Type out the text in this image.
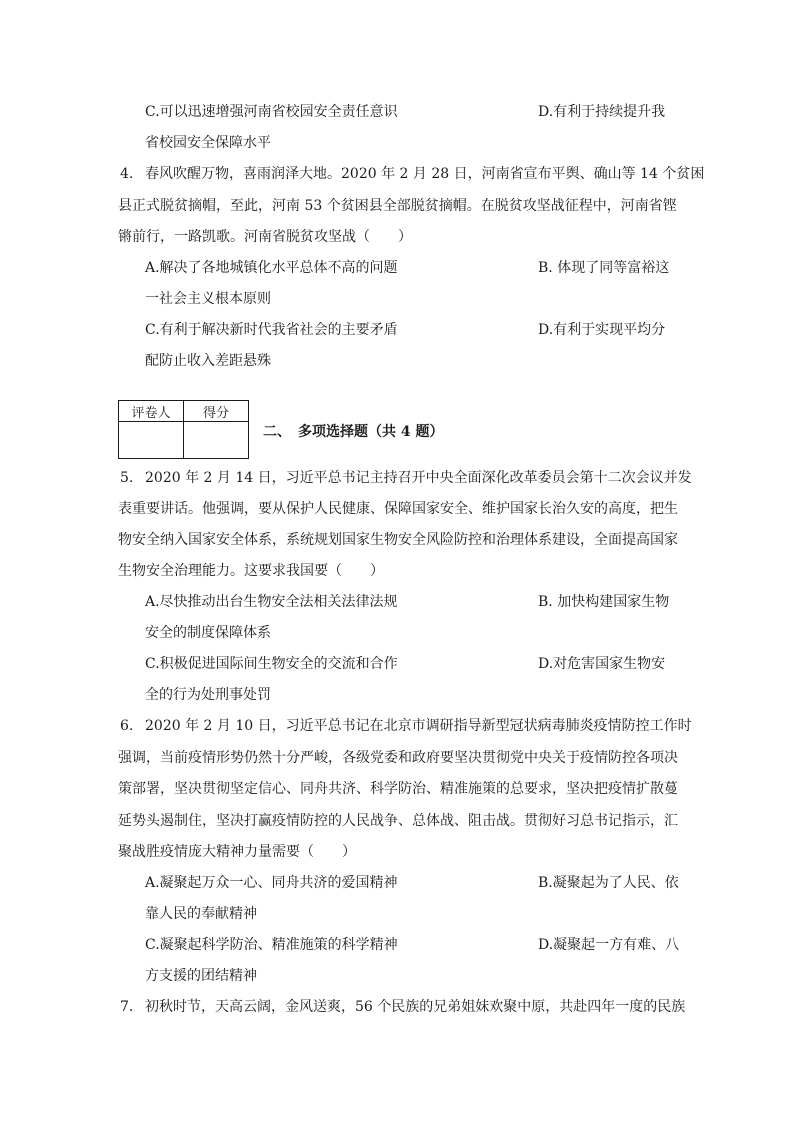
C.可以迅速增强河南省校园安全责任意识	D.有利于持续提升我
省校园安全保障水平
4. 春风吹醒万物，喜雨润泽大地。2020 年 2 月 28 日，河南省宣布平舆、确山等 14 个贫困
县正式脱贫摘帽，至此，河南 53 个贫困县全部脱贫摘帽。在脱贫攻坚战征程中，河南省铿
锵前行，一路凯歌。河南省脱贫攻坚战（　　）
A.解决了各地城镇化水平总体不高的问题	B. 体现了同等富裕这
一社会主义根本原则
C.有利于解决新时代我省社会的主要矛盾	D.有利于实现平均分
配防止收入差距悬殊
评卷人	得分

二、　多项选择题（共 4 题）
5. 2020 年 2 月 14 日，习近平总书记主持召开中央全面深化改革委员会第十二次会议并发
表重要讲话。他强调，要从保护人民健康、保障国家安全、维护国家长治久安的高度，把生
物安全纳入国家安全体系，系统规划国家生物安全风险防控和治理体系建设，全面提高国家
生物安全治理能力。这要求我国要（　　）
A.尽快推动出台生物安全法相关法律法规	B. 加快构建国家生物
安全的制度保障体系
C.积极促进国际间生物安全的交流和合作	D.对危害国家生物安
全的行为处刑事处罚
6. 2020 年 2 月 10 日，习近平总书记在北京市调研指导新型冠状病毒肺炎疫情防控工作时
强调，当前疫情形势仍然十分严峻，各级党委和政府要坚决贯彻党中央关于疫情防控各项决
策部署，坚决贯彻坚定信心、同舟共济、科学防治、精准施策的总要求，坚决把疫情扩散蔓
延势头遏制住，坚决打赢疫情防控的人民战争、总体战、阻击战。贯彻好习总书记指示，汇
聚战胜疫情庞大精神力量需要（　　）
A.凝聚起万众一心、同舟共济的爱国精神	B.凝聚起为了人民、依
靠人民的奉献精神
C.凝聚起科学防治、精准施策的科学精神	D.凝聚起一方有难、八
方支援的团结精神
7. 初秋时节，天高云阔，金风送爽，56 个民族的兄弟姐妹欢聚中原，共赴四年一度的民族
